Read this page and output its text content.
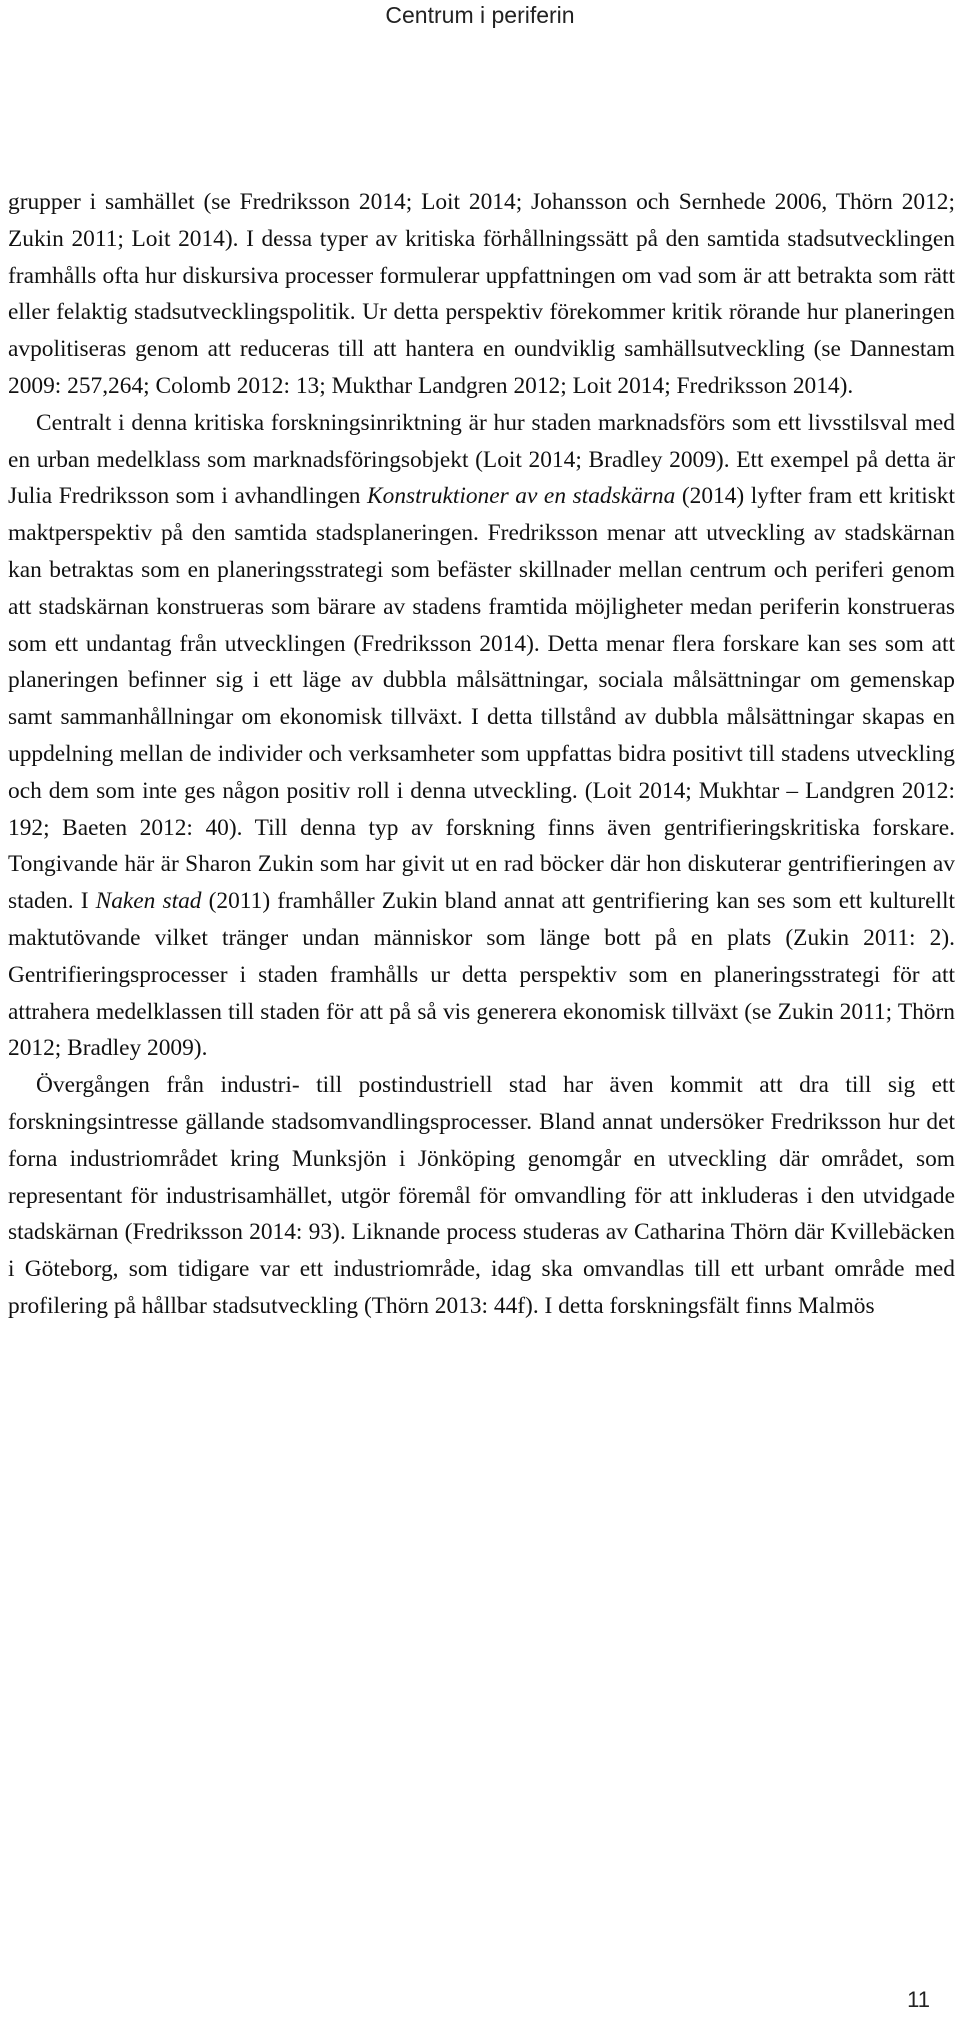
Centrum i periferin

grupper i samhället (se Fredriksson 2014; Loit 2014; Johansson och Sernhede 2006, Thörn 2012; Zukin 2011; Loit 2014). I dessa typer av kritiska förhållningssätt på den samtida stadsutvecklingen framhålls ofta hur diskursiva processer formulerar uppfattningen om vad som är att betrakta som rätt eller felaktig stadsutvecklingspolitik. Ur detta perspektiv förekommer kritik rörande hur planeringen avpolitiseras genom att reduceras till att hantera en oundviklig samhällsutveckling (se Dannestam 2009: 257,264; Colomb 2012: 13; Mukthar Landgren 2012; Loit 2014; Fredriksson 2014).

Centralt i denna kritiska forskningsinriktning är hur staden marknadsförs som ett livsstilsval med en urban medelklass som marknadsföringsobjekt (Loit 2014; Bradley 2009). Ett exempel på detta är Julia Fredriksson som i avhandlingen Konstruktioner av en stadskärna (2014) lyfter fram ett kritiskt maktperspektiv på den samtida stadsplaneringen. Fredriksson menar att utveckling av stadskärnan kan betraktas som en planeringsstrategi som befäster skillnader mellan centrum och periferi genom att stadskärnan konstrueras som bärare av stadens framtida möjligheter medan periferin konstrueras som ett undantag från utvecklingen (Fredriksson 2014). Detta menar flera forskare kan ses som att planeringen befinner sig i ett läge av dubbla målsättningar, sociala målsättningar om gemenskap samt sammanhållningar om ekonomisk tillväxt. I detta tillstånd av dubbla målsättningar skapas en uppdelning mellan de individer och verksamheter som uppfattas bidra positivt till stadens utveckling och dem som inte ges någon positiv roll i denna utveckling. (Loit 2014; Mukhtar – Landgren 2012: 192; Baeten 2012: 40). Till denna typ av forskning finns även gentrifieringskritiska forskare. Tongivande här är Sharon Zukin som har givit ut en rad böcker där hon diskuterar gentrifieringen av staden. I Naken stad (2011) framhåller Zukin bland annat att gentrifiering kan ses som ett kulturellt maktutövande vilket tränger undan människor som länge bott på en plats (Zukin 2011: 2). Gentrifieringsprocesser i staden framhålls ur detta perspektiv som en planeringsstrategi för att attrahera medelklassen till staden för att på så vis generera ekonomisk tillväxt (se Zukin 2011; Thörn 2012; Bradley 2009).

Övergången från industri- till postindustriell stad har även kommit att dra till sig ett forskningsintresse gällande stadsomvandlingsprocesser. Bland annat undersöker Fredriksson hur det forna industriområdet kring Munksjön i Jönköping genomgår en utveckling där området, som representant för industrisamhället, utgör föremål för omvandling för att inkluderas i den utvidgade stadskärnan (Fredriksson 2014: 93). Liknande process studeras av Catharina Thörn där Kvillebäcken i Göteborg, som tidigare var ett industriområde, idag ska omvandlas till ett urbant område med profilering på hållbar stadsutveckling (Thörn 2013: 44f). I detta forskningsfält finns Malmös

11
